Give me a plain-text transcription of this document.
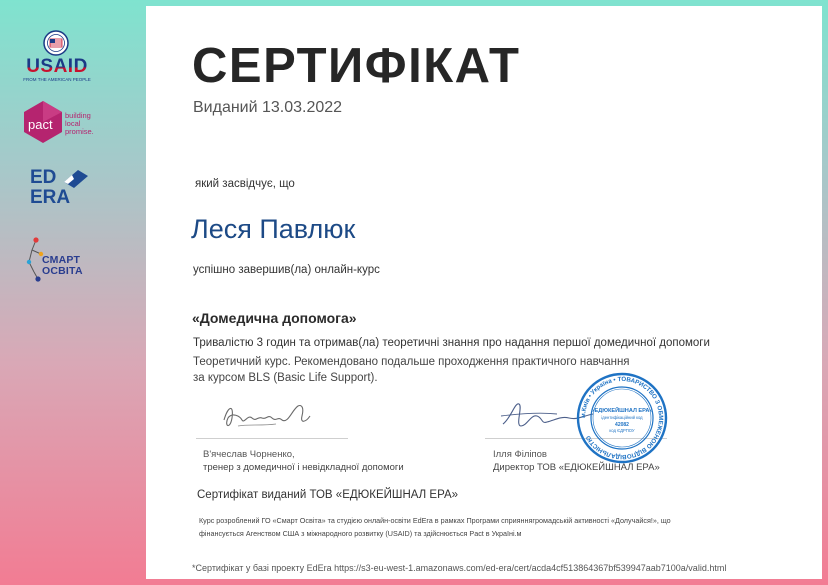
USAID
FROM THE AMERICAN PEOPLE
pact
building
local
promise.
ED
ERA
СМАРТ
ОСВІТА
СЕРТИФІКАТ
Виданий 13.03.2022
який засвідчує, що
Леся Павлюк
успішно завершив(ла) онлайн-курс
«Домедична допомога»
Тривалістю 3 годин та отримав(ла) теоретичні знання про надання першої домедичної допомоги
Теоретичний курс. Рекомендовано подальше проходження практичного навчання
за курсом BLS (Basic Life Support).
В'ячеслав Чорненко,
тренер з домедичної і невідкладної допомоги
Ілля Філіпов
Директор ТОВ «ЕДЮКЕЙШНАЛ ЕРА»
м.Київ • Україна • ТОВАРИСТВО З ОБМЕЖЕНОЮ ВІДПОВІДАЛЬНІСТЮ
«ЕДЮКЕЙШНАЛ ЕРА»
ідентифікаційний код
42082
код ЄДРПОУ
Сертифікат виданий ТОВ «ЕДЮКЕЙШНАЛ ЕРА»
Курс розроблений ГО «Смарт Освіта» та студією онлайн-освіти EdEra в рамках Програми сприяннягромадській активності «Долучайся!», що
фінансується Агенством США з міжнародного розвитку (USAID) та здійснюється Pact в Україні.м
*Сертифікат у базі проекту EdEra https://s3-eu-west-1.amazonaws.com/ed-era/cert/acda4cf513864367bf539947aab7100a/valid.html
